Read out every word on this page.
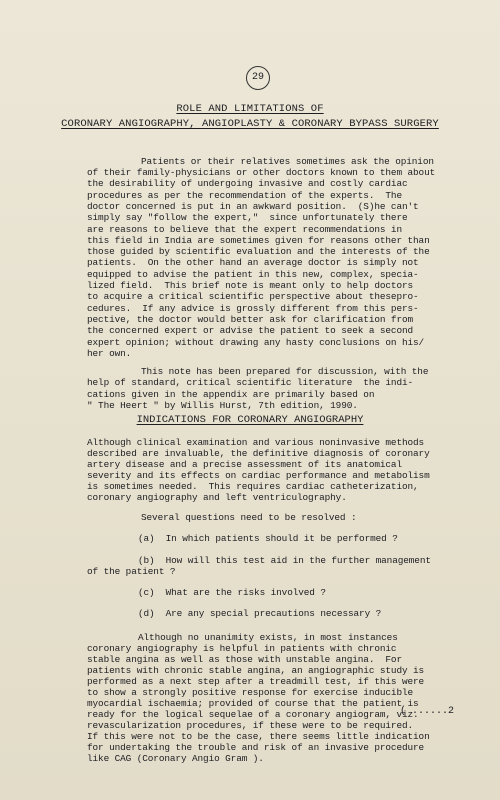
29
ROLE AND LIMITATIONS OF
CORONARY ANGIOGRAPHY, ANGIOPLASTY & CORONARY BYPASS SURGERY
Patients or their relatives sometimes ask the opinion
of their family-physicians or other doctors known to them about
the desirability of undergoing invasive and costly cardiac
procedures as per the recommendation of the experts.  The
doctor concerned is put in an awkward position.  (S)he can't
simply say "follow the expert,"  since unfortunately there
are reasons to believe that the expert recommendations in
this field in India are sometimes given for reasons other than
those guided by scientific evaluation and the interests of the
patients.  On the other hand an average doctor is simply not
equipped to advise the patient in this new, complex, specia-
lized field.  This brief note is meant only to help doctors
to acquire a critical scientific perspective about thesepro-
cedures.  If any advice is grossly different from this pers-
pective, the doctor would better ask for clarification from
the concerned expert or advise the patient to seek a second
expert opinion; without drawing any hasty conclusions on his/
her own.
This note has been prepared for discussion, with the
help of standard, critical scientific literature  the indi-
cations given in the appendix are primarily based on
" The Heert " by Willis Hurst, 7th edition, 1990.
INDICATIONS FOR CORONARY ANGIOGRAPHY
Although clinical examination and various noninvasive methods
described are invaluable, the definitive diagnosis of coronary
artery disease and a precise assessment of its anatomical
severity and its effects on cardiac performance and metabolism
is sometimes needed.  This requires cardiac catheterization,
coronary angiography and left ventriculography.
Several questions need to be resolved :
(a)  In which patients should it be performed ?
(b)  How will this test aid in the further management
of the patient ?
(c)  What are the risks involved ?
(d)  Are any special precautions necessary ?
Although no unanimity exists, in most instances
coronary angiography is helpful in patients with chronic
stable angina as well as those with unstable angina.  For
patients with chronic stable angina, an angiographic study is
performed as a next step after a treadmill test, if this were
to show a strongly positive response for exercise inducible
myocardial ischaemia; provided of course that the patient is
ready for the logical sequelae of a coronary angiogram, viz.
revascularization procedures, if these were to be required.
If this were not to be the case, there seems little indication
for undertaking the trouble and risk of an invasive procedure
like CAG (Coronary Angio Gram ).
( ......2
